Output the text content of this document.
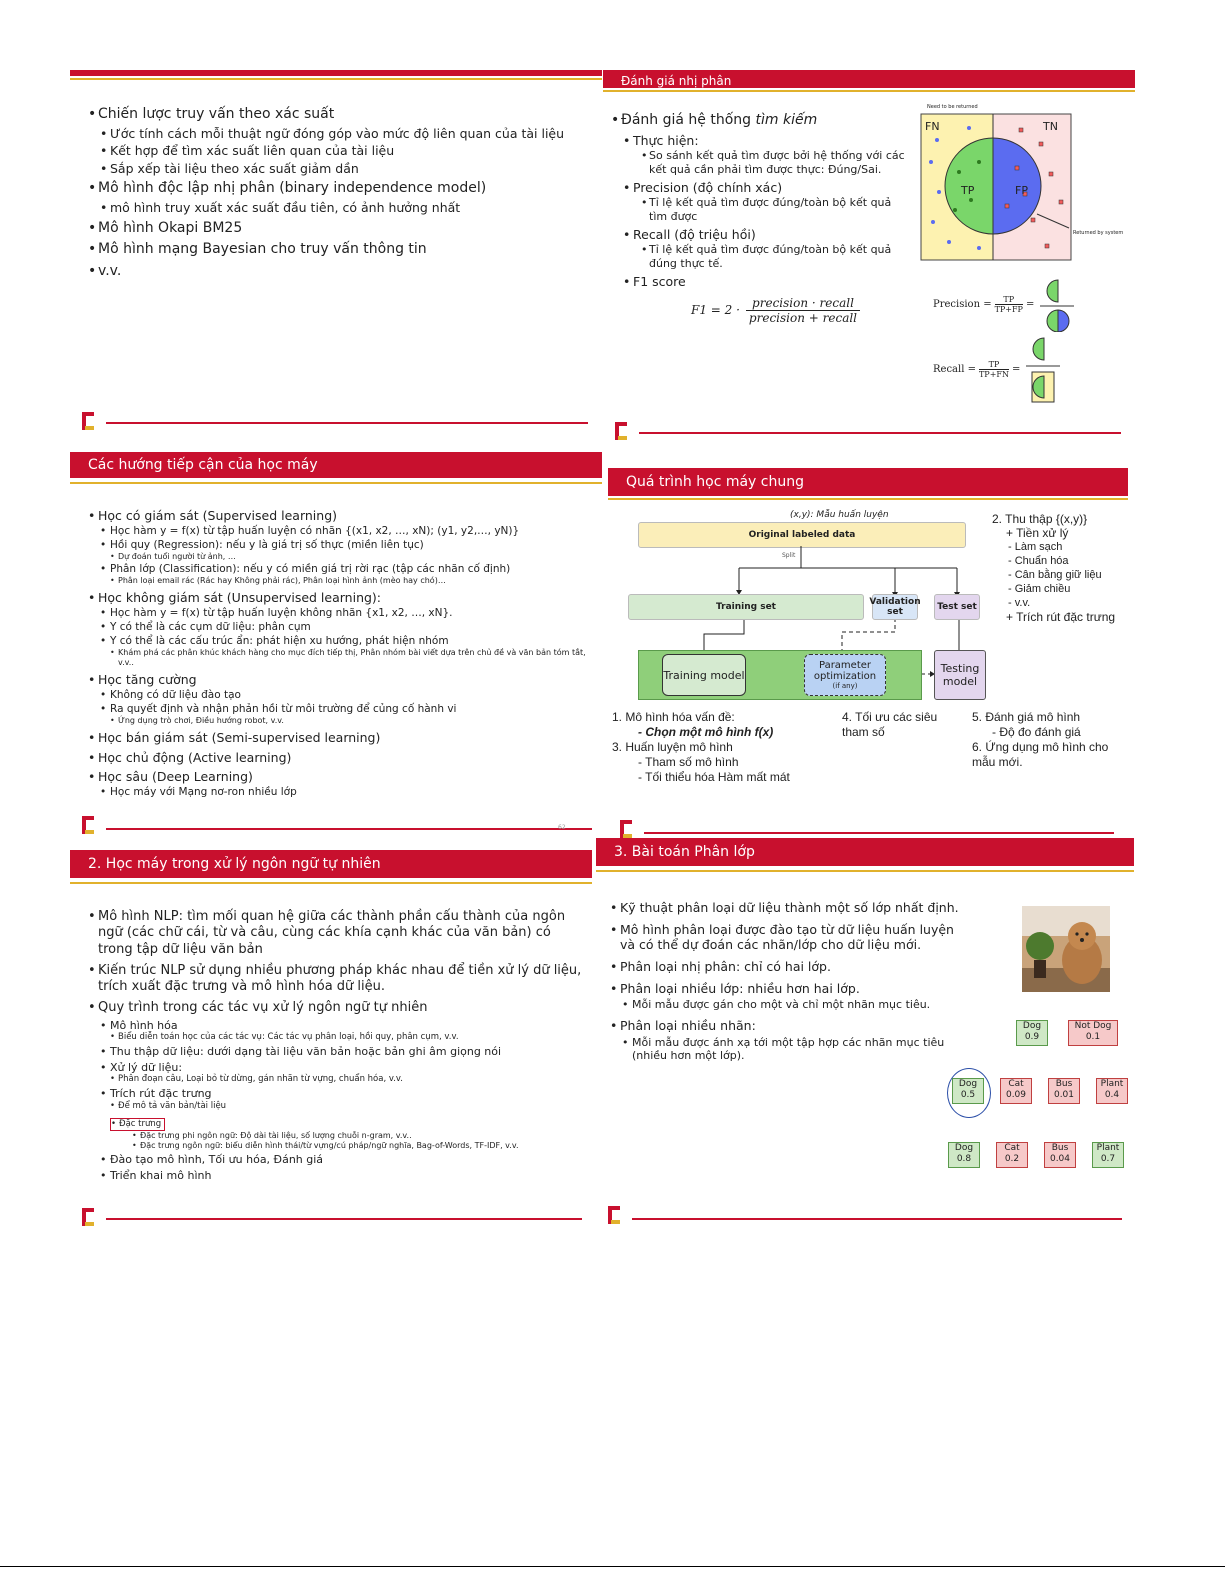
• Chiến lược truy vấn theo xác suất
• Ước tính cách mỗi thuật ngữ đóng góp vào mức độ liên quan của tài liệu
• Kết hợp để tìm xác suất liên quan của tài liệu
• Sắp xếp tài liệu theo xác suất giảm dần
• Mô hình độc lập nhị phân (binary independence model)
• mô hình truy xuất xác suất đầu tiên, có ảnh hưởng nhất
• Mô hình Okapi BM25
• Mô hình mạng Bayesian cho truy vấn thông tin
• v.v.
Đánh giá nhị phân
• Đánh giá hệ thống tìm kiếm
• Thực hiện:
• So sánh kết quả tìm được bởi hệ thống với các kết quả cần phải tìm được thực: Đúng/Sai.
• Precision (độ chính xác)
• Tỉ lệ kết quả tìm được đúng/toàn bộ kết quả tìm được
• Recall (độ triệu hồi)
• Tỉ lệ kết quả tìm được đúng/toàn bộ kết quả đúng thực tế.
• F1 score
F1 = 2 ·
precision · recall
precision + recall
Need to be returned
FN	TN
TP	FP
Returned by system
Precision = $\frac{TP}{TP+FP}$ =
Recall = $\frac{TP}{TP+FN}$ =
Các hướng tiếp cận của học máy
• Học có giám sát (Supervised learning)
• Học hàm y = f(x) từ tập huấn luyện có nhãn {(x1, x2, …, xN); (y1, y2,…, yN)}
• Hồi quy (Regression): nếu y là giá trị số thực (miền liên tục)
• Dự đoán tuổi người từ ảnh, …
• Phân lớp (Classification): nếu y có miền giá trị rời rạc (tập các nhãn cố định)
• Phân loại email rác (Rác hay Không phải rác), Phân loại hình ảnh (mèo hay chó)…
• Học không giám sát (Unsupervised learning):
• Học hàm y = f(x) từ tập huấn luyện không nhãn {x1, x2, …, xN}.
• Y có thể là các cụm dữ liệu: phân cụm
• Y có thể là các cấu trúc ẩn: phát hiện xu hướng, phát hiện nhóm
• Khám phá các phân khúc khách hàng cho mục đích tiếp thị, Phân nhóm bài viết dựa trên chủ đề và văn bản tóm tắt, v.v..
• Học tăng cường
• Không có dữ liệu đào tạo
• Ra quyết định và nhận phản hồi từ môi trường để củng cố hành vi
• Ứng dụng trò chơi, Điều hướng robot, v.v.
• Học bán giám sát (Semi-supervised learning)
• Học chủ động (Active learning)
• Học sâu (Deep Learning)
• Học máy với Mạng nơ-ron nhiều lớp
62
Quá trình học máy chung
(x,y): Mẫu huấn luyện
Original labeled data
Split
Training set	Validation set	Test set
Training model
Parameter optimization
(if any)
Testing model
2. Thu thập {(x,y)}
+ Tiền xử lý
- Làm sạch
- Chuẩn hóa
- Cân bằng giữ liệu
- Giảm chiều
- v.v.
+ Trích rút đặc trưng
1. Mô hình hóa vấn đề:
- Chọn một mô hình f(x)
3. Huấn luyện mô hình
- Tham số mô hình
- Tối thiểu hóa Hàm mất mát
4. Tối ưu các siêu tham số
5. Đánh giá mô hình
- Độ đo đánh giá
6. Ứng dụng mô hình cho mẫu mới.
2. Học máy trong xử lý ngôn ngữ tự nhiên
• Mô hình NLP: tìm mối quan hệ giữa các thành phần cấu thành của ngôn ngữ (các chữ cái, từ và câu, cùng các khía cạnh khác của văn bản) có trong tập dữ liệu văn bản
• Kiến trúc NLP sử dụng nhiều phương pháp khác nhau để tiền xử lý dữ liệu, trích xuất đặc trưng và mô hình hóa dữ liệu.
• Quy trình trong các tác vụ xử lý ngôn ngữ tự nhiên
• Mô hình hóa
• Biểu diễn toán học của các tác vụ: Các tác vụ phân loại, hồi quy, phân cụm, v.v.
• Thu thập dữ liệu: dưới dạng tài liệu văn bản hoặc bản ghi âm giọng nói
• Xử lý dữ liệu:
• Phân đoạn câu, Loại bỏ từ dừng, gán nhãn từ vựng, chuẩn hóa, v.v.
• Trích rút đặc trưng
• Để mô tả văn bản/tài liệu
• Đặc trưng

• Đặc trưng phi ngôn ngữ: Độ dài tài liệu, số lượng chuỗi n-gram, v.v..
• Đặc trưng ngôn ngữ: biểu diễn hình thái/từ vựng/cú pháp/ngữ nghĩa, Bag-of-Words, TF-IDF, v.v.
• Đào tạo mô hình, Tối ưu hóa, Đánh giá
• Triển khai mô hình
3. Bài toán Phân lớp
• Kỹ thuật phân loại dữ liệu thành một số lớp nhất định.
• Mô hình phân loại được đào tạo từ dữ liệu huấn luyện và có thể dự đoán các nhãn/lớp cho dữ liệu mới.
• Phân loại nhị phân: chỉ có hai lớp.
• Phân loại nhiều lớp: nhiều hơn hai lớp.
• Mỗi mẫu được gán cho một và chỉ một nhãn mục tiêu.
• Phân loại nhiều nhãn:
• Mỗi mẫu được ánh xạ tới một tập hợp các nhãn mục tiêu (nhiều hơn một lớp).
Dog
0.9
Not Dog
0.1
Dog
0.5
Cat
0.09
Bus
0.01
Plant
0.4
Dog
0.8
Cat
0.2
Bus
0.04
Plant
0.7
